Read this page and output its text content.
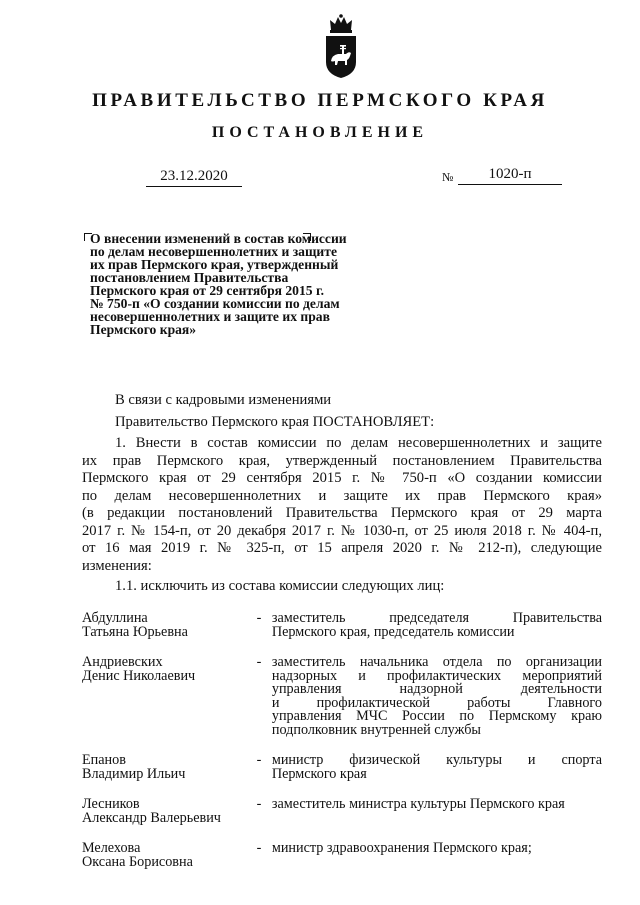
ПРАВИТЕЛЬСТВО ПЕРМСКОГО КРАЯ
ПОСТАНОВЛЕНИЕ
23.12.2020	№	1020-п

О внесении изменений в состав комиссии

по делам несовершеннолетних и защите

их прав Пермского края, утвержденный

постановлением Правительства

Пермского края от 29 сентября 2015 г.

№ 750-п «О создании комиссии по делам

несовершеннолетних и защите их прав

Пермского края»

В связи с кадровыми изменениями

Правительство Пермского края ПОСТАНОВЛЯЕТ:

1. Внести в состав комиссии по делам несовершеннолетних и защите

их прав Пермского края, утвержденный постановлением Правительства

Пермского края от 29 сентября 2015 г. № 750-п «О создании комиссии

по делам несовершеннолетних и защите их прав Пермского края»

(в редакции постановлений Правительства Пермского края от 29 марта

2017 г. № 154-п, от 20 декабря 2017 г. № 1030-п, от 25 июля 2018 г. № 404-п,

от 16 мая 2019 г. № 325-п, от 15 апреля 2020 г. № 212-п), следующие

изменения:

1.1. исключить из состава комиссии следующих лиц:

Абдуллина
Татьяна Юрьевна
- заместитель председателя Правительства
Пермского края, председатель комиссии
Андриевских
Денис Николаевич
- заместитель начальника отдела по организации
надзорных и профилактических мероприятий
управления надзорной деятельности
и профилактической работы Главного
управления МЧС России по Пермскому краю
подполковник внутренней службы
Епанов
Владимир Ильич
- министр физической культуры и спорта
Пермского края
Лесников
Александр Валерьевич
- заместитель министра культуры Пермского края
Мелехова
Оксана Борисовна
- министр здравоохранения Пермского края;
